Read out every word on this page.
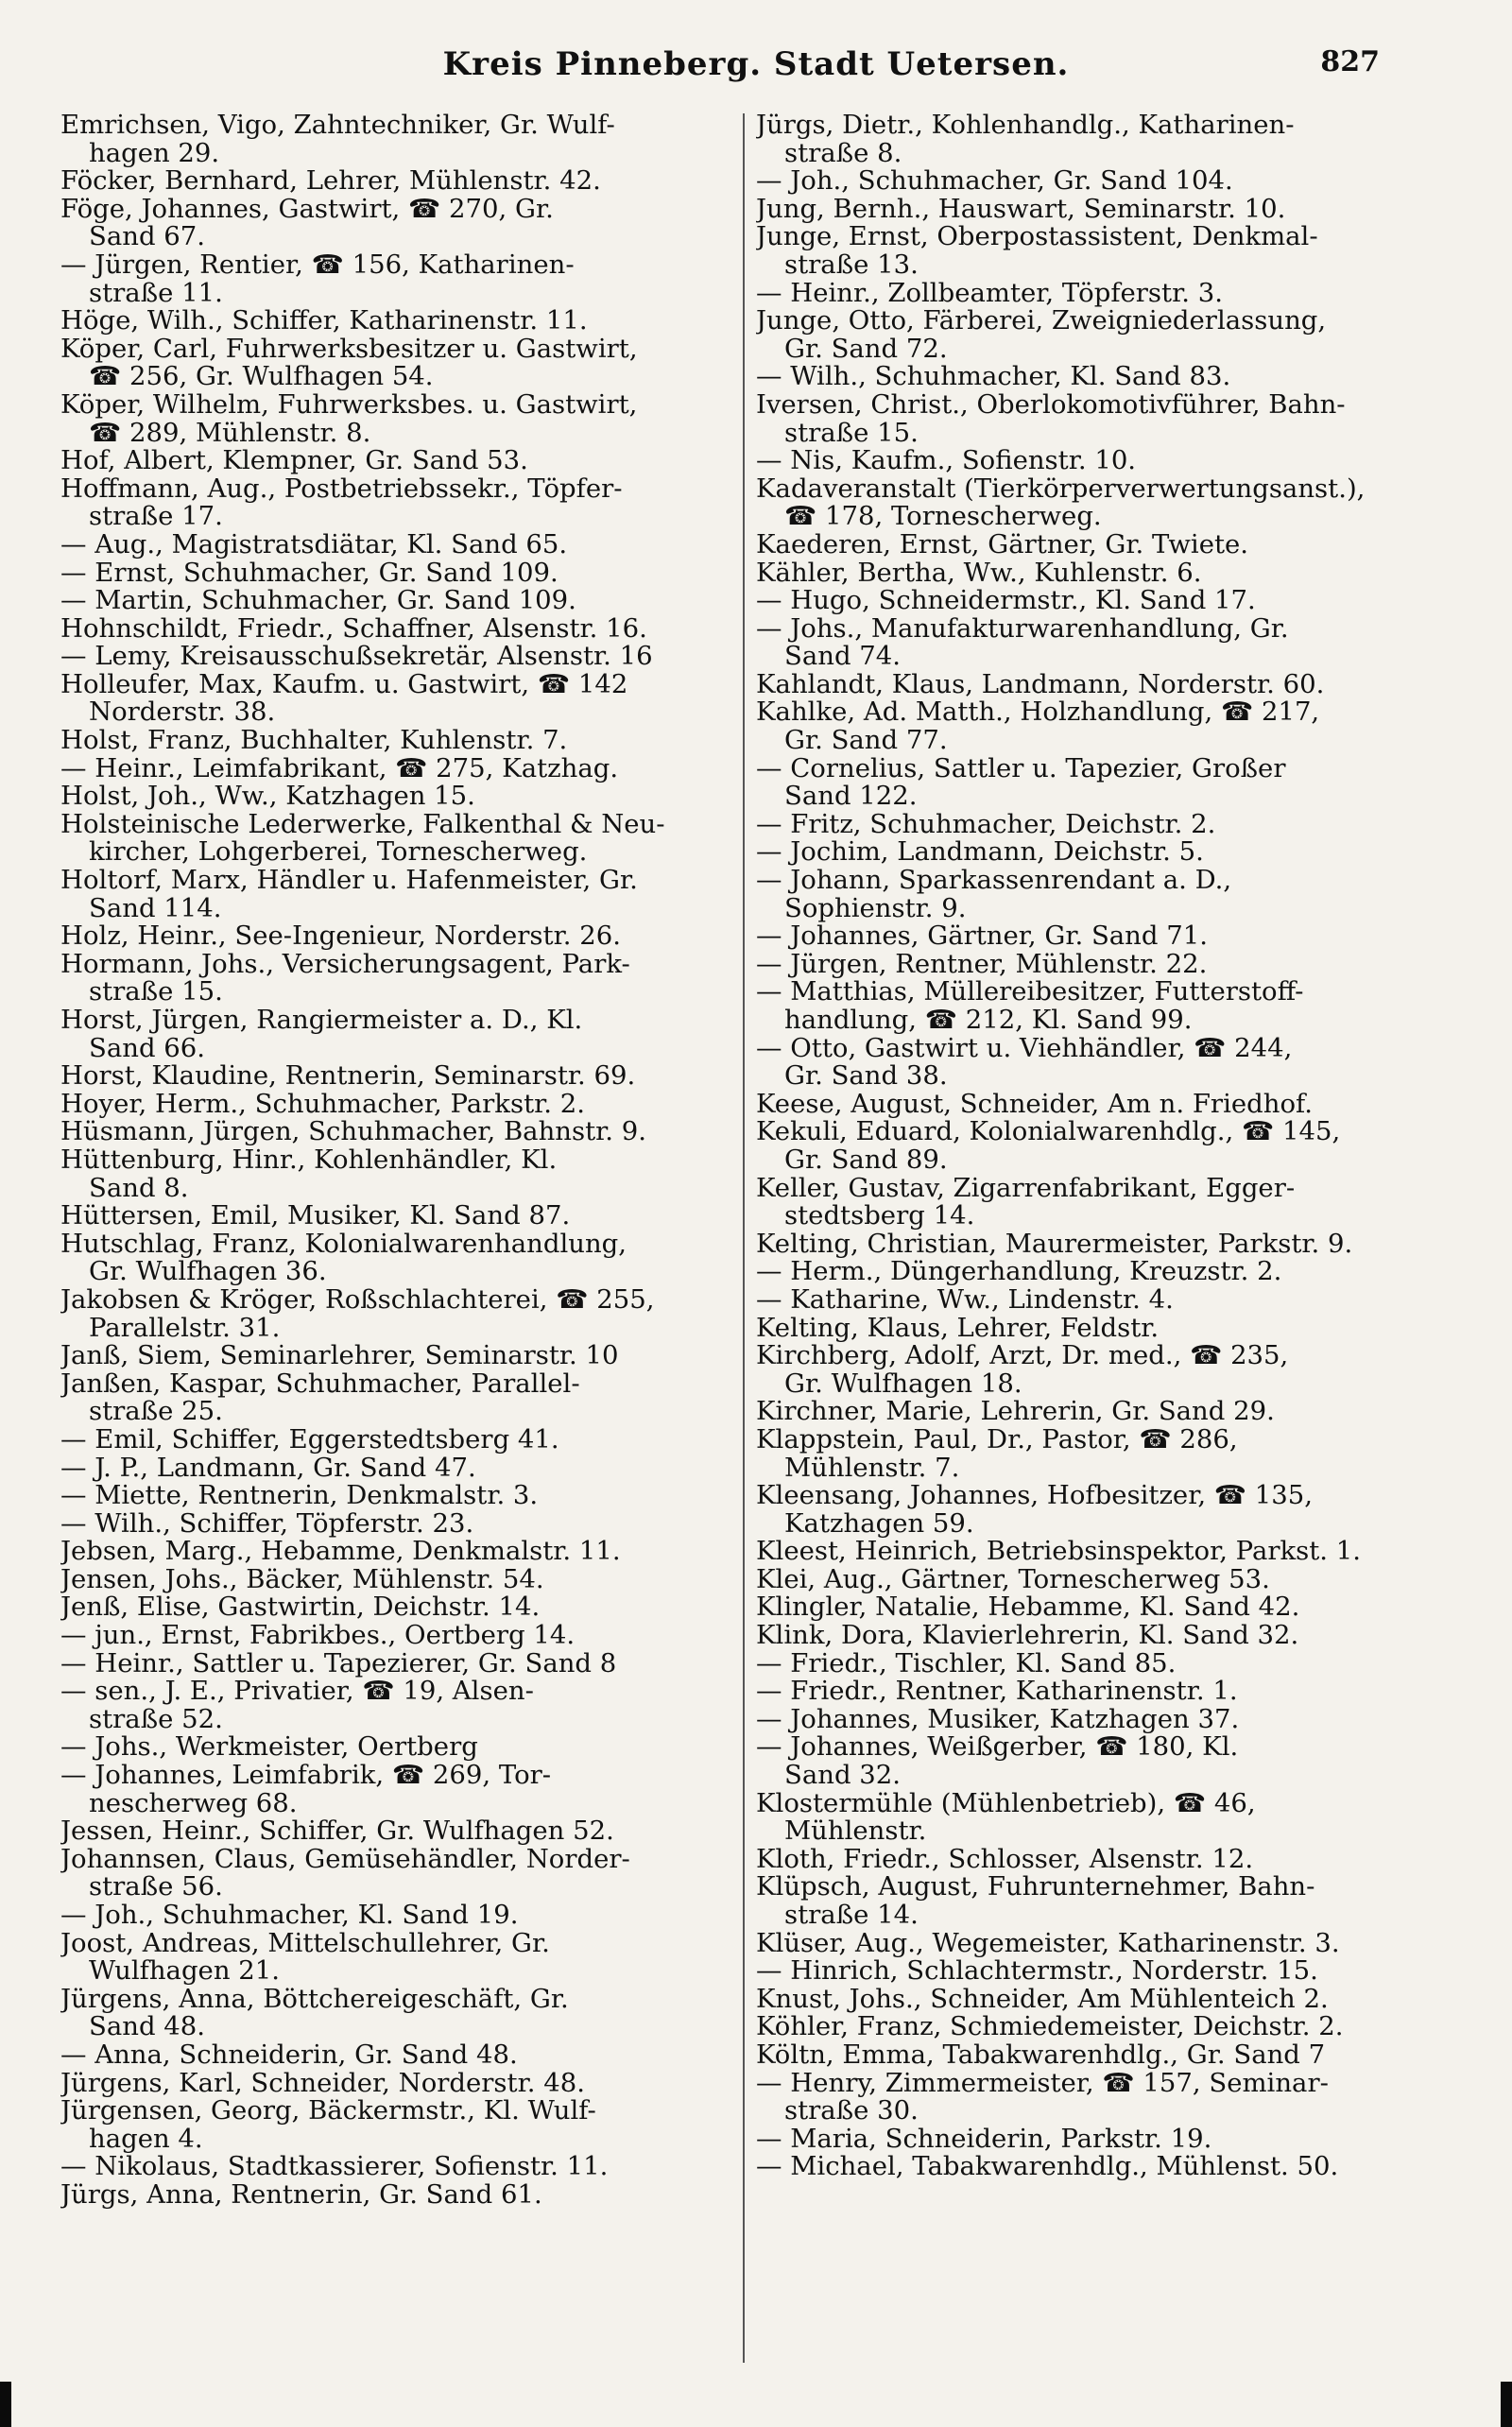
Kreis Pinneberg. Stadt Uetersen.	827
Emrichsen, Vigo, Zahntechniker, Gr. Wulf-
hagen 29.
Föcker, Bernhard, Lehrer, Mühlenstr. 42.
Föge, Johannes, Gastwirt, ☎ 270, Gr.
Sand 67.
— Jürgen, Rentier, ☎ 156, Katharinen-
straße 11.
Höge, Wilh., Schiffer, Katharinenstr. 11.
Köper, Carl, Fuhrwerksbesitzer u. Gastwirt,
☎ 256, Gr. Wulfhagen 54.
Köper, Wilhelm, Fuhrwerksbes. u. Gastwirt,
☎ 289, Mühlenstr. 8.
Hof, Albert, Klempner, Gr. Sand 53.
Hoffmann, Aug., Postbetriebssekr., Töpfer-
straße 17.
— Aug., Magistratsdiätar, Kl. Sand 65.
— Ernst, Schuhmacher, Gr. Sand 109.
— Martin, Schuhmacher, Gr. Sand 109.
Hohnschildt, Friedr., Schaffner, Alsenstr. 16.
— Lemy, Kreisausschußsekretär, Alsenstr. 16
Holleufer, Max, Kaufm. u. Gastwirt, ☎ 142
Norderstr. 38.
Holst, Franz, Buchhalter, Kuhlenstr. 7.
— Heinr., Leimfabrikant, ☎ 275, Katzhag.
Holst, Joh., Ww., Katzhagen 15.
Holsteinische Lederwerke, Falkenthal & Neu-
kircher, Lohgerberei, Tornescherweg.
Holtorf, Marx, Händler u. Hafenmeister, Gr.
Sand 114.
Holz, Heinr., See-Ingenieur, Norderstr. 26.
Hormann, Johs., Versicherungsagent, Park-
straße 15.
Horst, Jürgen, Rangiermeister a. D., Kl.
Sand 66.
Horst, Klaudine, Rentnerin, Seminarstr. 69.
Hoyer, Herm., Schuhmacher, Parkstr. 2.
Hüsmann, Jürgen, Schuhmacher, Bahnstr. 9.
Hüttenburg, Hinr., Kohlenhändler, Kl.
Sand 8.
Hüttersen, Emil, Musiker, Kl. Sand 87.
Hutschlag, Franz, Kolonialwarenhandlung,
Gr. Wulfhagen 36.
Jakobsen & Kröger, Roßschlachterei, ☎ 255,
Parallelstr. 31.
Janß, Siem, Seminarlehrer, Seminarstr. 10
Janßen, Kaspar, Schuhmacher, Parallel-
straße 25.
— Emil, Schiffer, Eggerstedtsberg 41.
— J. P., Landmann, Gr. Sand 47.
— Miette, Rentnerin, Denkmalstr. 3.
— Wilh., Schiffer, Töpferstr. 23.
Jebsen, Marg., Hebamme, Denkmalstr. 11.
Jensen, Johs., Bäcker, Mühlenstr. 54.
Jenß, Elise, Gastwirtin, Deichstr. 14.
— jun., Ernst, Fabrikbes., Oertberg 14.
— Heinr., Sattler u. Tapezierer, Gr. Sand 8
— sen., J. E., Privatier, ☎ 19, Alsen-
straße 52.
— Johs., Werkmeister, Oertberg
— Johannes, Leimfabrik, ☎ 269, Tor-
nescherweg 68.
Jessen, Heinr., Schiffer, Gr. Wulfhagen 52.
Johannsen, Claus, Gemüsehändler, Norder-
straße 56.
— Joh., Schuhmacher, Kl. Sand 19.
Joost, Andreas, Mittelschullehrer, Gr.
Wulfhagen 21.
Jürgens, Anna, Böttchereigeschäft, Gr.
Sand 48.
— Anna, Schneiderin, Gr. Sand 48.
Jürgens, Karl, Schneider, Norderstr. 48.
Jürgensen, Georg, Bäckermstr., Kl. Wulf-
hagen 4.
— Nikolaus, Stadtkassierer, Sofienstr. 11.
Jürgs, Anna, Rentnerin, Gr. Sand 61.
Jürgs, Dietr., Kohlenhandlg., Katharinen-
straße 8.
— Joh., Schuhmacher, Gr. Sand 104.
Jung, Bernh., Hauswart, Seminarstr. 10.
Junge, Ernst, Oberpostassistent, Denkmal-
straße 13.
— Heinr., Zollbeamter, Töpferstr. 3.
Junge, Otto, Färberei, Zweigniederlassung,
Gr. Sand 72.
— Wilh., Schuhmacher, Kl. Sand 83.
Iversen, Christ., Oberlokomotivführer, Bahn-
straße 15.
— Nis, Kaufm., Sofienstr. 10.
Kadaveranstalt (Tierkörperverwertungsanst.),
☎ 178, Tornescherweg.
Kaederen, Ernst, Gärtner, Gr. Twiete.
Kähler, Bertha, Ww., Kuhlenstr. 6.
— Hugo, Schneidermstr., Kl. Sand 17.
— Johs., Manufakturwarenhandlung, Gr.
Sand 74.
Kahlandt, Klaus, Landmann, Norderstr. 60.
Kahlke, Ad. Matth., Holzhandlung, ☎ 217,
Gr. Sand 77.
— Cornelius, Sattler u. Tapezier, Großer
Sand 122.
— Fritz, Schuhmacher, Deichstr. 2.
— Jochim, Landmann, Deichstr. 5.
— Johann, Sparkassenrendant a. D.,
Sophienstr. 9.
— Johannes, Gärtner, Gr. Sand 71.
— Jürgen, Rentner, Mühlenstr. 22.
— Matthias, Müllereibesitzer, Futterstoff-
handlung, ☎ 212, Kl. Sand 99.
— Otto, Gastwirt u. Viehhändler, ☎ 244,
Gr. Sand 38.
Keese, August, Schneider, Am n. Friedhof.
Kekuli, Eduard, Kolonialwarenhdlg., ☎ 145,
Gr. Sand 89.
Keller, Gustav, Zigarrenfabrikant, Egger-
stedtsberg 14.
Kelting, Christian, Maurermeister, Parkstr. 9.
— Herm., Düngerhandlung, Kreuzstr. 2.
— Katharine, Ww., Lindenstr. 4.
Kelting, Klaus, Lehrer, Feldstr.
Kirchberg, Adolf, Arzt, Dr. med., ☎ 235,
Gr. Wulfhagen 18.
Kirchner, Marie, Lehrerin, Gr. Sand 29.
Klappstein, Paul, Dr., Pastor, ☎ 286,
Mühlenstr. 7.
Kleensang, Johannes, Hofbesitzer, ☎ 135,
Katzhagen 59.
Kleest, Heinrich, Betriebsinspektor, Parkst. 1.
Klei, Aug., Gärtner, Tornescherweg 53.
Klingler, Natalie, Hebamme, Kl. Sand 42.
Klink, Dora, Klavierlehrerin, Kl. Sand 32.
— Friedr., Tischler, Kl. Sand 85.
— Friedr., Rentner, Katharinenstr. 1.
— Johannes, Musiker, Katzhagen 37.
— Johannes, Weißgerber, ☎ 180, Kl.
Sand 32.
Klostermühle (Mühlenbetrieb), ☎ 46,
Mühlenstr.
Kloth, Friedr., Schlosser, Alsenstr. 12.
Klüpsch, August, Fuhrunternehmer, Bahn-
straße 14.
Klüser, Aug., Wegemeister, Katharinenstr. 3.
— Hinrich, Schlachtermstr., Norderstr. 15.
Knust, Johs., Schneider, Am Mühlenteich 2.
Köhler, Franz, Schmiedemeister, Deichstr. 2.
Költn, Emma, Tabakwarenhdlg., Gr. Sand 7
— Henry, Zimmermeister, ☎ 157, Seminar-
straße 30.
— Maria, Schneiderin, Parkstr. 19.
— Michael, Tabakwarenhdlg., Mühlenst. 50.
